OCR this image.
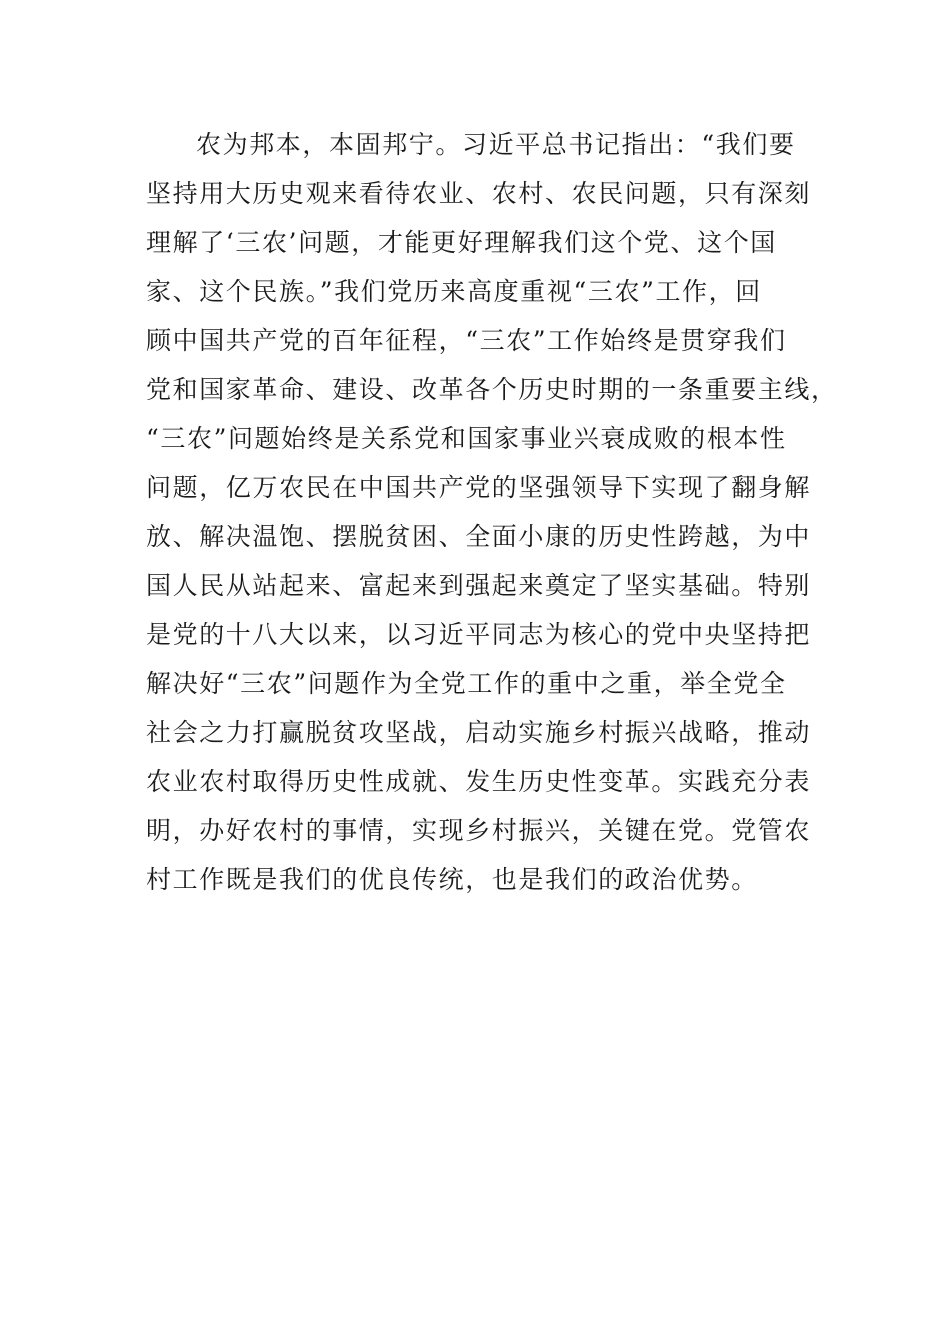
农为邦本，本固邦宁。习近平总书记指出：“我们要
坚持用大历史观来看待农业、农村、农民问题，只有深刻
理解了‘三农’问题，才能更好理解我们这个党、这个国
家、这个民族。”我们党历来高度重视“三农”工作，回
顾中国共产党的百年征程，“三农”工作始终是贯穿我们
党和国家革命、建设、改革各个历史时期的一条重要主线，
“三农”问题始终是关系党和国家事业兴衰成败的根本性
问题，亿万农民在中国共产党的坚强领导下实现了翻身解
放、解决温饱、摆脱贫困、全面小康的历史性跨越，为中
国人民从站起来、富起来到强起来奠定了坚实基础。特别
是党的十八大以来，以习近平同志为核心的党中央坚持把
解决好“三农”问题作为全党工作的重中之重，举全党全
社会之力打赢脱贫攻坚战，启动实施乡村振兴战略，推动
农业农村取得历史性成就、发生历史性变革。实践充分表
明，办好农村的事情，实现乡村振兴，关键在党。党管农
村工作既是我们的优良传统，也是我们的政治优势。
